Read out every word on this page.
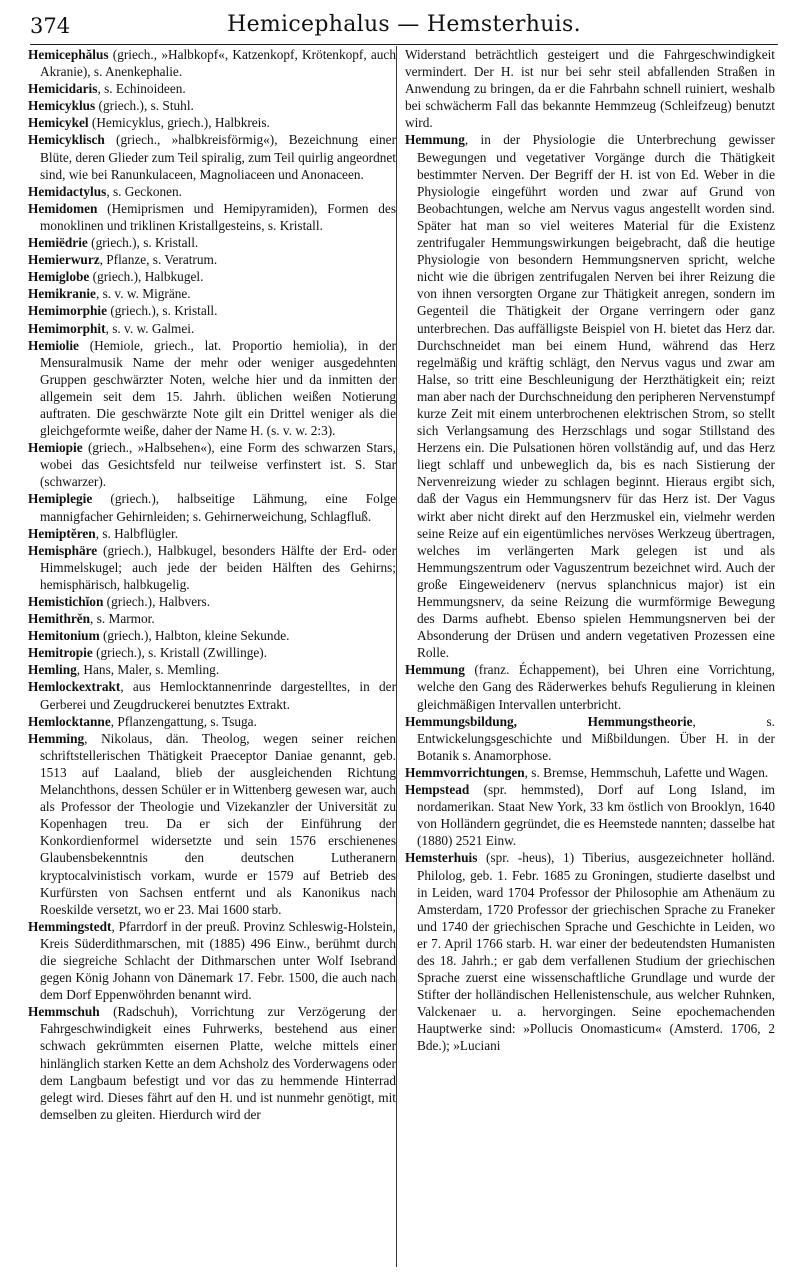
374	Hemicephalus — Hemsterhuis.

Hemicephălus (griech., »Halbkopf«, Katzenkopf, Krötenkopf, auch Akranie), s. Anenkephalie.

Hemicidaris, s. Echinoideen.

Hemicyklus (griech.), s. Stuhl.

Hemicykel (Hemicyklus, griech.), Halbkreis.

Hemicyklisch (griech., »halbkreisförmig«), Bezeichnung einer Blüte, deren Glieder zum Teil spiralig, zum Teil quirlig angeordnet sind, wie bei Ranunkulaceen, Magnoliaceen und Anonaceen.

Hemidactylus, s. Geckonen.

Hemidomen (Hemiprismen und Hemipyramiden), Formen des monoklinen und triklinen Kristallgesteins, s. Kristall.

Hemiëdrie (griech.), s. Kristall.

Hemierwurz, Pflanze, s. Veratrum.

Hemiglobe (griech.), Halbkugel.

Hemikranie, s. v. w. Migräne.

Hemimorphie (griech.), s. Kristall.

Hemimorphit, s. v. w. Galmei.

Hemiolie (Hemiole, griech., lat. Proportio hemiolia), in der Mensuralmusik Name der mehr oder weniger ausgedehnten Gruppen geschwärzter Noten, welche hier und da inmitten der allgemein seit dem 15. Jahrh. üblichen weißen Notierung auftraten. Die geschwärzte Note gilt ein Drittel weniger als die gleichgeformte weiße, daher der Name H. (s. v. w. 2:3).

Hemiopie (griech., »Halbsehen«), eine Form des schwarzen Stars, wobei das Gesichtsfeld nur teilweise verfinstert ist. S. Star (schwarzer).

Hemiplegie (griech.), halbseitige Lähmung, eine Folge mannigfacher Gehirnleiden; s. Gehirnerweichung, Schlagfluß.

Hemiptěren, s. Halbflügler.

Hemisphäre (griech.), Halbkugel, besonders Hälfte der Erd- oder Himmelskugel; auch jede der beiden Hälften des Gehirns; hemisphärisch, halbkugelig.

Hemistichĭon (griech.), Halbvers.

Hemithrěn, s. Marmor.

Hemitonium (griech.), Halbton, kleine Sekunde.

Hemitropie (griech.), s. Kristall (Zwillinge).

Hemling, Hans, Maler, s. Memling.

Hemlockextrakt, aus Hemlocktannenrinde dargestelltes, in der Gerberei und Zeugdruckerei benutztes Extrakt.

Hemlocktanne, Pflanzengattung, s. Tsuga.

Hemming, Nikolaus, dän. Theolog, wegen seiner reichen schriftstellerischen Thätigkeit Praeceptor Daniae genannt, geb. 1513 auf Laaland, blieb der ausgleichenden Richtung Melanchthons, dessen Schüler er in Wittenberg gewesen war, auch als Professor der Theologie und Vizekanzler der Universität zu Kopenhagen treu. Da er sich der Einführung der Konkordienformel widersetzte und sein 1576 erschienenes Glaubensbekenntnis den deutschen Lutheranern kryptocalvinistisch vorkam, wurde er 1579 auf Betrieb des Kurfürsten von Sachsen entfernt und als Kanonikus nach Roeskilde versetzt, wo er 23. Mai 1600 starb.

Hemmingstedt, Pfarrdorf in der preuß. Provinz Schleswig-Holstein, Kreis Süderdithmarschen, mit (1885) 496 Einw., berühmt durch die siegreiche Schlacht der Dithmarschen unter Wolf Isebrand gegen König Johann von Dänemark 17. Febr. 1500, die auch nach dem Dorf Eppenwöhrden benannt wird.

Hemmschuh (Radschuh), Vorrichtung zur Verzögerung der Fahrgeschwindigkeit eines Fuhrwerks, bestehend aus einer schwach gekrümmten eisernen Platte, welche mittels einer hinlänglich starken Kette an dem Achsholz des Vorderwagens oder dem Langbaum befestigt und vor das zu hemmende Hinterrad gelegt wird. Dieses fährt auf den H. und ist nunmehr genötigt, mit demselben zu gleiten. Hierdurch wird der

Widerstand beträchtlich gesteigert und die Fahrgeschwindigkeit vermindert. Der H. ist nur bei sehr steil abfallenden Straßen in Anwendung zu bringen, da er die Fahrbahn schnell ruiniert, weshalb bei schwächerm Fall das bekannte Hemmzeug (Schleifzeug) benutzt wird.

Hemmung, in der Physiologie die Unterbrechung gewisser Bewegungen und vegetativer Vorgänge durch die Thätigkeit bestimmter Nerven. Der Begriff der H. ist von Ed. Weber in die Physiologie eingeführt worden und zwar auf Grund von Beobachtungen, welche am Nervus vagus angestellt worden sind. Später hat man so viel weiteres Material für die Existenz zentrifugaler Hemmungswirkungen beigebracht, daß die heutige Physiologie von besondern Hemmungsnerven spricht, welche nicht wie die übrigen zentrifugalen Nerven bei ihrer Reizung die von ihnen versorgten Organe zur Thätigkeit anregen, sondern im Gegenteil die Thätigkeit der Organe verringern oder ganz unterbrechen. Das auffälligste Beispiel von H. bietet das Herz dar. Durchschneidet man bei einem Hund, während das Herz regelmäßig und kräftig schlägt, den Nervus vagus und zwar am Halse, so tritt eine Beschleunigung der Herzthätigkeit ein; reizt man aber nach der Durchschneidung den peripheren Nervenstumpf kurze Zeit mit einem unterbrochenen elektrischen Strom, so stellt sich Verlangsamung des Herzschlags und sogar Stillstand des Herzens ein. Die Pulsationen hören vollständig auf, und das Herz liegt schlaff und unbeweglich da, bis es nach Sistierung der Nervenreizung wieder zu schlagen beginnt. Hieraus ergibt sich, daß der Vagus ein Hemmungsnerv für das Herz ist. Der Vagus wirkt aber nicht direkt auf den Herzmuskel ein, vielmehr werden seine Reize auf ein eigentümliches nervöses Werkzeug übertragen, welches im verlängerten Mark gelegen ist und als Hemmungszentrum oder Vaguszentrum bezeichnet wird. Auch der große Eingeweidenerv (nervus splanchnicus major) ist ein Hemmungsnerv, da seine Reizung die wurmförmige Bewegung des Darms aufhebt. Ebenso spielen Hemmungsnerven bei der Absonderung der Drüsen und andern vegetativen Prozessen eine Rolle.

Hemmung (franz. Échappement), bei Uhren eine Vorrichtung, welche den Gang des Räderwerkes behufs Regulierung in kleinen gleichmäßigen Intervallen unterbricht.

Hemmungsbildung, Hemmungstheorie, s. Entwickelungsgeschichte und Mißbildungen. Über H. in der Botanik s. Anamorphose.

Hemmvorrichtungen, s. Bremse, Hemmschuh, Lafette und Wagen.

Hempstead (spr. hemmsted), Dorf auf Long Island, im nordamerikan. Staat New York, 33 km östlich von Brooklyn, 1640 von Holländern gegründet, die es Heemstede nannten; dasselbe hat (1880) 2521 Einw.

Hemsterhuis (spr. -heus), 1) Tiberius, ausgezeichneter holländ. Philolog, geb. 1. Febr. 1685 zu Groningen, studierte daselbst und in Leiden, ward 1704 Professor der Philosophie am Athenäum zu Amsterdam, 1720 Professor der griechischen Sprache zu Franeker und 1740 der griechischen Sprache und Geschichte in Leiden, wo er 7. April 1766 starb. H. war einer der bedeutendsten Humanisten des 18. Jahrh.; er gab dem verfallenen Studium der griechischen Sprache zuerst eine wissenschaftliche Grundlage und wurde der Stifter der holländischen Hellenistenschule, aus welcher Ruhnken, Valckenaer u. a. hervorgingen. Seine epochemachenden Hauptwerke sind: »Pollucis Onomasticum« (Amsterd. 1706, 2 Bde.); »Luciani
